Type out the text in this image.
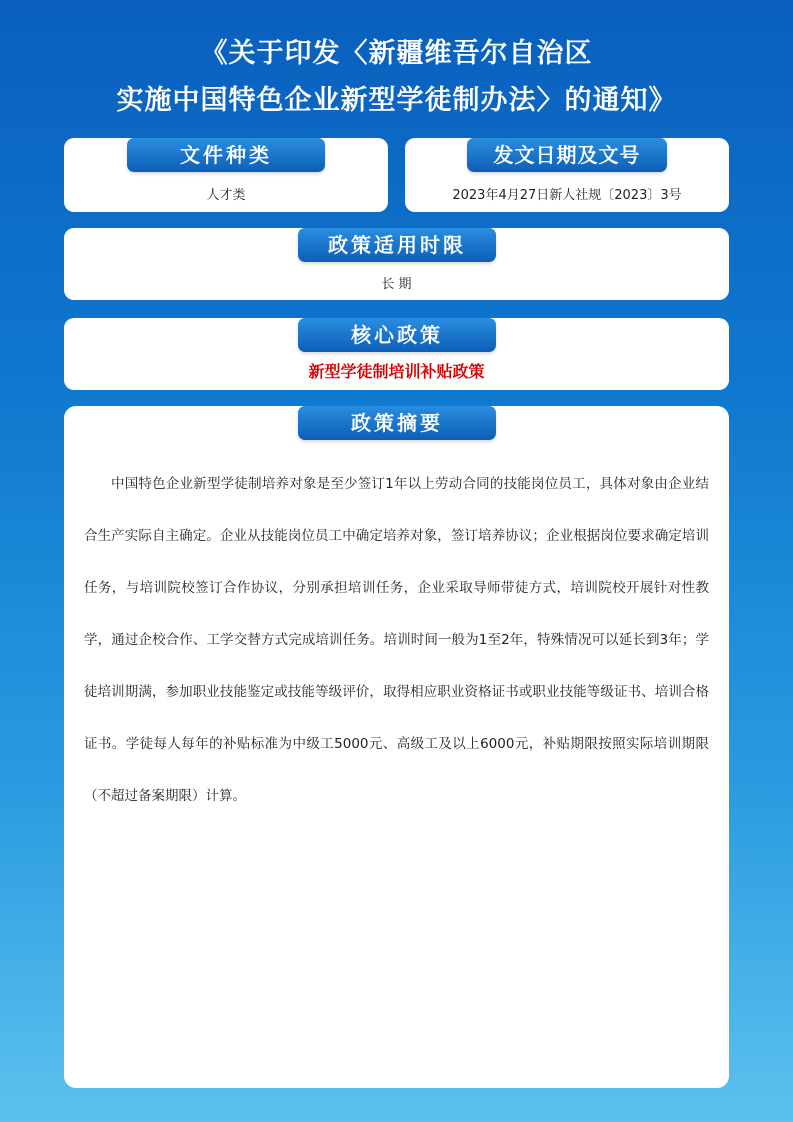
《关于印发〈新疆维吾尔自治区
实施中国特色企业新型学徒制办法〉的通知》
文件种类
人才类
发文日期及文号
2023年4月27日新人社规〔2023〕3号
政策适用时限
长 期
核心政策
新型学徒制培训补贴政策
政策摘要
中国特色企业新型学徒制培养对象是至少签订1年以上劳动合同的技能岗位员工，具体对象由企业结合生产实际自主确定。企业从技能岗位员工中确定培养对象，签订培养协议；企业根据岗位要求确定培训任务，与培训院校签订合作协议，分别承担培训任务，企业采取导师带徒方式，培训院校开展针对性教学，通过企校合作、工学交替方式完成培训任务。培训时间一般为1至2年，特殊情况可以延长到3年；学徒培训期满，参加职业技能鉴定或技能等级评价，取得相应职业资格证书或职业技能等级证书、培训合格证书。学徒每人每年的补贴标准为中级工5000元、高级工及以上6000元，补贴期限按照实际培训期限（不超过备案期限）计算。
